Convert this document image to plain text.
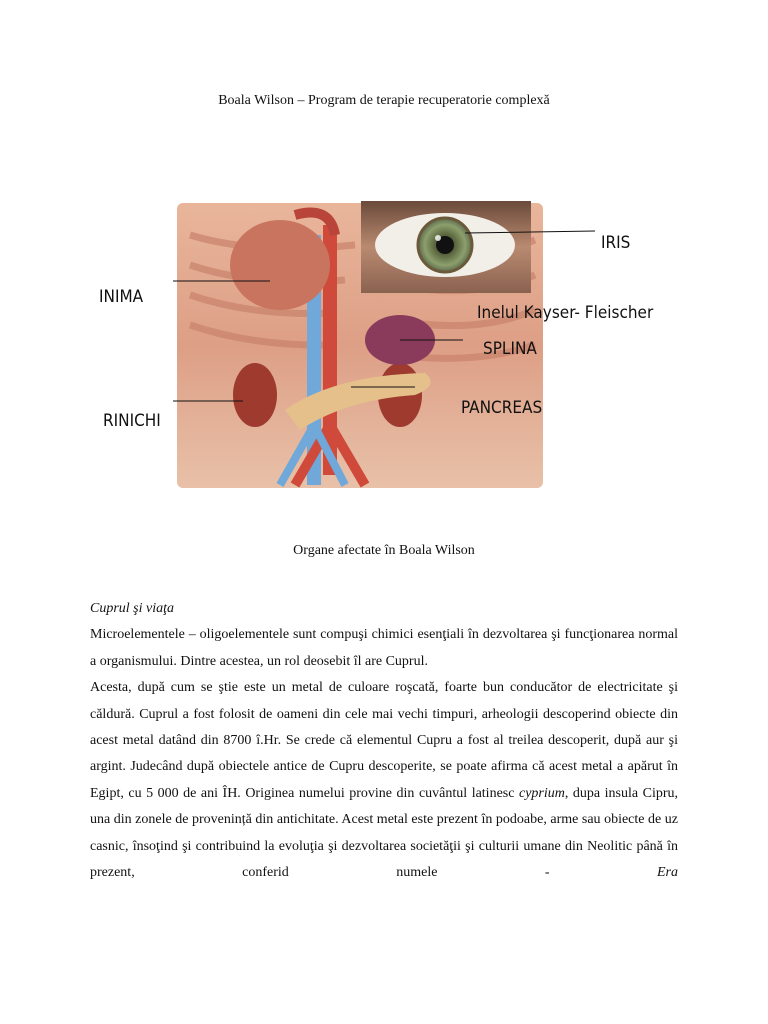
Boala Wilson – Program de terapie recuperatorie complexă
IRIS
INIMA
Inelul Kayser- Fleischer
SPLINA
RINICHI
PANCREAS
Organe afectate în Boala Wilson
Cuprul şi viaţa

Microelementele – oligoelementele sunt compuşi chimici esenţiali în dezvoltarea şi funcţionarea normal a organismului. Dintre acestea, un rol deosebit îl are Cuprul.

Acesta, după cum se ştie este un metal de culoare roşcată, foarte bun conducător de electricitate şi căldură. Cuprul a fost folosit de oameni din cele mai vechi timpuri, arheologii descoperind obiecte din acest metal datând din 8700 î.Hr. Se crede că elementul Cupru a fost al treilea descoperit, după aur şi argint. Judecând după obiectele antice de Cupru descoperite, se poate afirma că acest metal a apărut în Egipt, cu 5 000 de ani ÎH. Originea numelui provine din cuvântul latinesc cyprium, dupa insula Cipru, una din zonele de provenință din antichitate. Acest metal este prezent în podoabe, arme sau obiecte de uz casnic, însoţind şi contribuind la evoluţia şi dezvoltarea societăţii şi culturii umane din Neolitic până în prezent, conferid numele - Era
